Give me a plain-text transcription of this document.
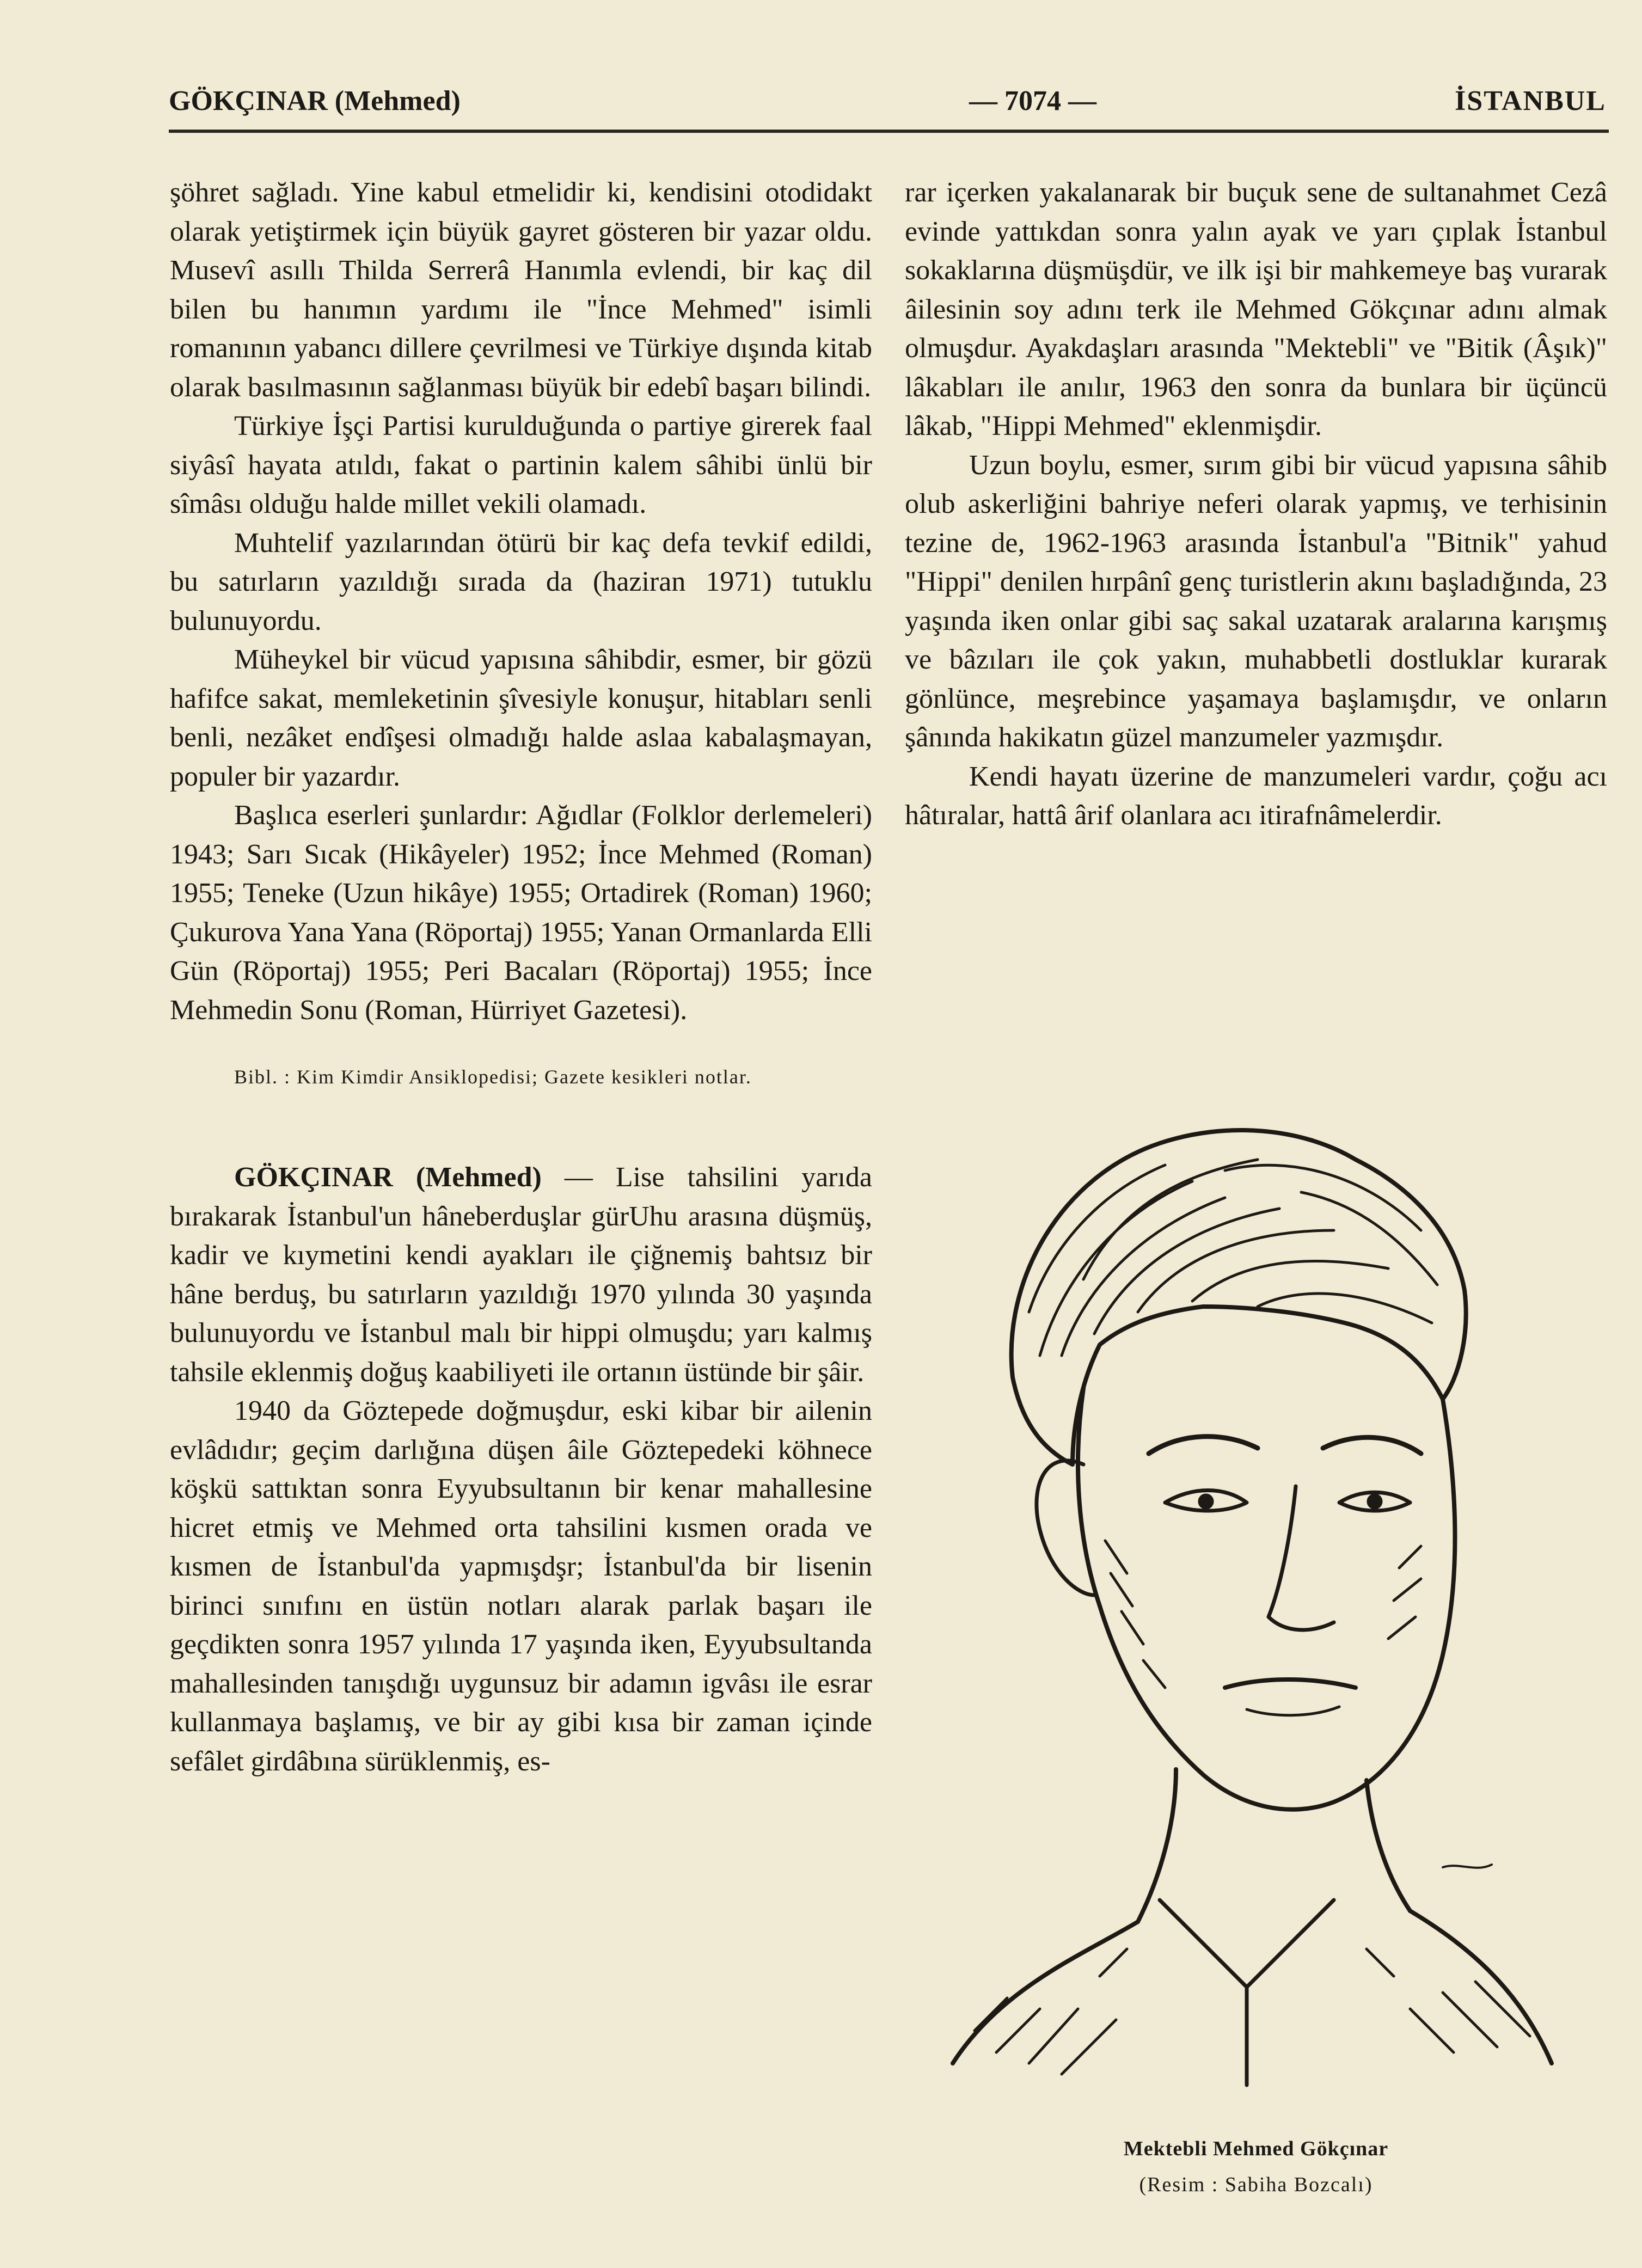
GÖKÇINAR (Mehmed)	— 7074 —	İSTANBUL

şöhret sağladı. Yine kabul etmelidir ki, kendisini otodidakt olarak yetiştirmek için büyük gayret gösteren bir yazar oldu. Musevî asıllı Thilda Serrerâ Hanımla evlendi, bir kaç dil bilen bu hanımın yardımı ile "İnce Mehmed" isimli romanının yabancı dillere çevrilmesi ve Türkiye dışında kitab olarak basılmasının sağlanması büyük bir edebî başarı bilindi.

Türkiye İşçi Partisi kurulduğunda o partiye girerek faal siyâsî hayata atıldı, fakat o partinin kalem sâhibi ünlü bir sîmâsı olduğu halde millet vekili olamadı.

Muhtelif yazılarından ötürü bir kaç defa tevkif edildi, bu satırların yazıldığı sırada da (haziran 1971) tutuklu bulunuyordu.

Müheykel bir vücud yapısına sâhibdir, esmer, bir gözü hafifce sakat, memleketinin şîvesiyle konuşur, hitabları senli benli, nezâket endîşesi olmadığı halde aslaa kabalaşmayan, populer bir yazardır.

Başlıca eserleri şunlardır: Ağıdlar (Folklor derlemeleri) 1943; Sarı Sıcak (Hikâyeler) 1952; İnce Mehmed (Roman) 1955; Teneke (Uzun hikâye) 1955; Ortadirek (Roman) 1960; Çukurova Yana Yana (Röportaj) 1955; Yanan Ormanlarda Elli Gün (Röportaj) 1955; Peri Bacaları (Röportaj) 1955; İnce Mehmedin Sonu (Roman, Hürriyet Gazetesi).

Bibl. : Kim Kimdir Ansiklopedisi; Gazete kesikleri notlar.

GÖKÇINAR (Mehmed) — Lise tahsilini yarıda bırakarak İstanbul'un hâneberduşlar gürUhu arasına düşmüş, kadir ve kıymetini kendi ayakları ile çiğnemiş bahtsız bir hâne berduş, bu satırların yazıldığı 1970 yılında 30 yaşında bulunuyordu ve İstanbul malı bir hippi olmuşdu; yarı kalmış tahsile eklenmiş doğuş kaabiliyeti ile ortanın üstünde bir şâir.

1940 da Göztepede doğmuşdur, eski kibar bir ailenin evlâdıdır; geçim darlığına düşen âile Göztepedeki köhnece köşkü sattıktan sonra Eyyubsultanın bir kenar mahallesine hicret etmiş ve Mehmed orta tahsilini kısmen orada ve kısmen de İstanbul'da yapmışdşr; İstanbul'da bir lisenin birinci sınıfını en üstün notları alarak parlak başarı ile geçdikten sonra 1957 yılında 17 yaşında iken, Eyyubsultanda mahallesinden tanışdığı uygunsuz bir adamın igvâsı ile esrar kullanmaya başlamış, ve bir ay gibi kısa bir zaman içinde sefâlet girdâbına sürüklenmiş, es-

rar içerken yakalanarak bir buçuk sene de sultanahmet Cezâ evinde yattıkdan sonra yalın ayak ve yarı çıplak İstanbul sokaklarına düşmüşdür, ve ilk işi bir mahkemeye baş vurarak âilesinin soy adını terk ile Mehmed Gökçınar adını almak olmuşdur. Ayakdaşları arasında "Mektebli" ve "Bitik (Âşık)" lâkabları ile anılır, 1963 den sonra da bunlara bir üçüncü lâkab, "Hippi Mehmed" eklenmişdir.

Uzun boylu, esmer, sırım gibi bir vücud yapısına sâhib olub askerliğini bahriye neferi olarak yapmış, ve terhisinin tezine de, 1962-1963 arasında İstanbul'a "Bitnik" yahud "Hippi" denilen hırpânî genç turistlerin akını başladığında, 23 yaşında iken onlar gibi saç sakal uzatarak aralarına karışmış ve bâzıları ile çok yakın, muhabbetli dostluklar kurarak gönlünce, meşrebince yaşamaya başlamışdır, ve onların şânında hakikatın güzel manzumeler yazmışdır.

Kendi hayatı üzerine de manzumeleri vardır, çoğu acı hâtıralar, hattâ ârif olanlara acı itirafnâmelerdir.

Mektebli Mehmed Gökçınar
(Resim : Sabiha Bozcalı)
